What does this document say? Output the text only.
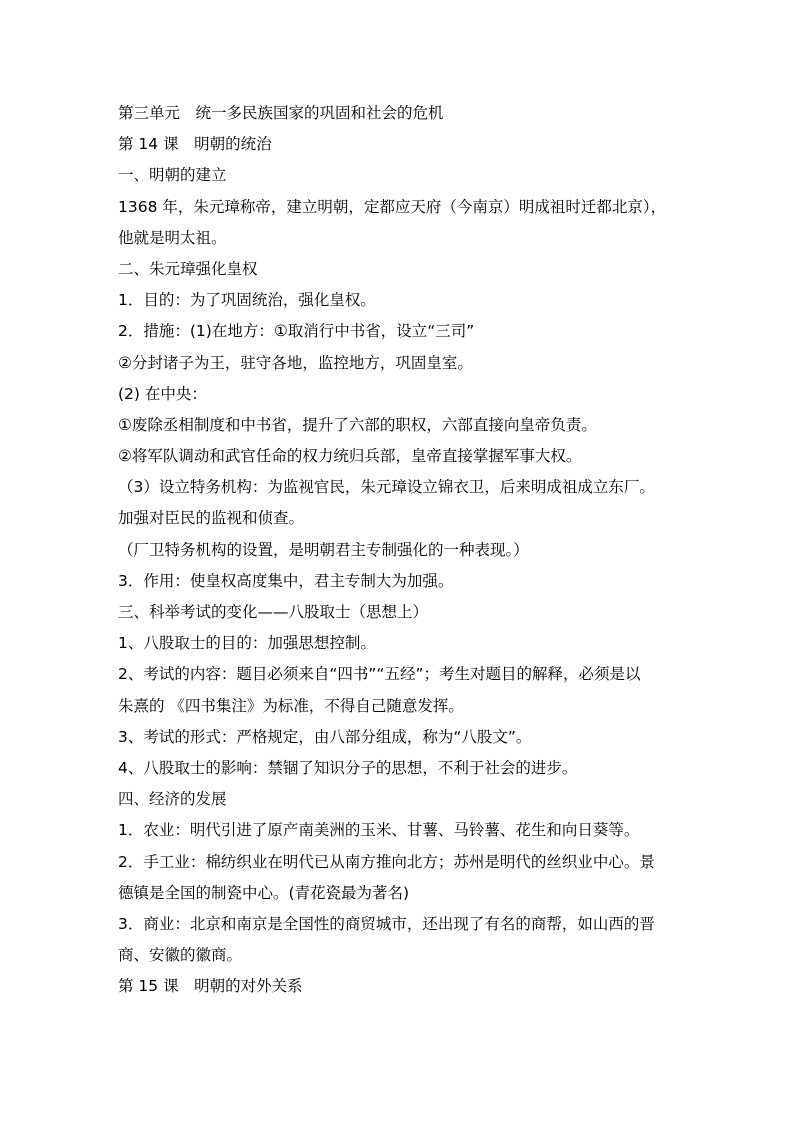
第三单元　统一多民族国家的巩固和社会的危机
第 14 课　明朝的统治
一、明朝的建立
1368 年，朱元璋称帝，建立明朝，定都应天府（今南京）明成祖时迁都北京），
他就是明太祖。
二、朱元璋强化皇权
1．目的：为了巩固统治，强化皇权。
2．措施：(1)在地方：①取消行中书省，设立“三司”
②分封诸子为王，驻守各地，监控地方，巩固皇室。
(2) 在中央：
①废除丞相制度和中书省，提升了六部的职权，六部直接向皇帝负责。
②将军队调动和武官任命的权力统归兵部，皇帝直接掌握军事大权。
（3）设立特务机构：为监视官民，朱元璋设立锦衣卫，后来明成祖成立东厂。
加强对臣民的监视和侦查。
（厂卫特务机构的设置，是明朝君主专制强化的一种表现。）
3．作用：使皇权高度集中，君主专制大为加强。
三、科举考试的变化——八股取士（思想上）
1、八股取士的目的：加强思想控制。
2、考试的内容：题目必须来自“四书”“五经”；考生对题目的解释，必须是以
朱熹的 《四书集注》为标准，不得自己随意发挥。
3、考试的形式：严格规定，由八部分组成，称为“八股文”。
4、八股取士的影响：禁锢了知识分子的思想，不利于社会的进步。
四、经济的发展
1．农业：明代引进了原产南美洲的玉米、甘薯、马铃薯、花生和向日葵等。
2．手工业：棉纺织业在明代已从南方推向北方；苏州是明代的丝织业中心。景
德镇是全国的制瓷中心。(青花瓷最为著名)
3．商业：北京和南京是全国性的商贸城市，还出现了有名的商帮，如山西的晋
商、安徽的徽商。
第 15 课　明朝的对外关系
